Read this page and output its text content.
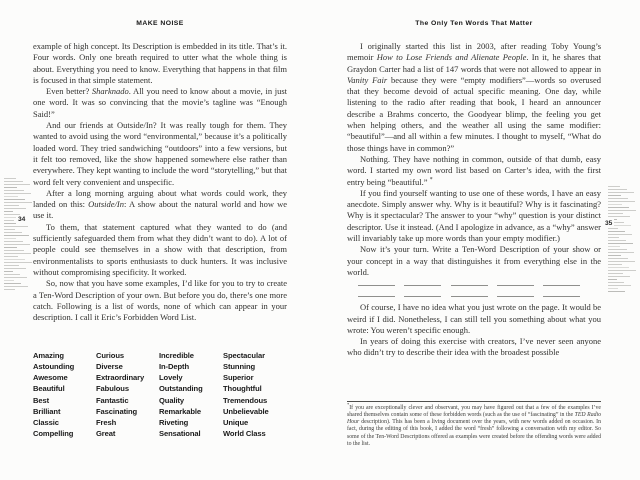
MAKE NOISE

example of high concept. Its Description is embedded in its title. That’s it. Four words. Only one breath required to utter what the whole thing is about. Everything you need to know. Everything that happens in that film is focused in that simple statement.

Even better? Sharknado. All you need to know about a movie, in just one word. It was so convincing that the movie’s tagline was “Enough Said!”

And our friends at Outside/In? It was really tough for them. They wanted to avoid using the word “environmental,” because it’s a politically loaded word. They tried sandwiching “outdoors” into a few versions, but it felt too removed, like the show happened somewhere else rather than everywhere. They kept wanting to include the word “storytelling,” but that word felt very convenient and unspecific.

After a long morning arguing about what words could work, they landed on this: Outside/In: A show about the natural world and how we use it.

To them, that statement captured what they wanted to do (and sufficiently safeguarded them from what they didn’t want to do). A lot of people could see themselves in a show with that description, from environmentalists to sports enthusiasts to duck hunters. It was inclusive without compromising specificity. It worked.

So, now that you have some examples, I’d like for you to try to create a Ten-Word Description of your own. But before you do, there’s one more catch. Following is a list of words, none of which can appear in your description. I call it Eric’s Forbidden Word List.

Amazing
Astounding
Awesome
Beautiful
Best
Brilliant
Classic
Compelling
Curious
Diverse
Extraordinary
Fabulous
Fantastic
Fascinating
Fresh
Great
Incredible
In-Depth
Lovely
Outstanding
Quality
Remarkable
Riveting
Sensational
Spectacular
Stunning
Superior
Thoughtful
Tremendous
Unbelievable
Unique
World Class
34
The Only Ten Words That Matter

I originally started this list in 2003, after reading Toby Young’s memoir How to Lose Friends and Alienate People. In it, he shares that Graydon Carter had a list of 147 words that were not allowed to appear in Vanity Fair because they were “empty modifiers”—words so overused that they become devoid of actual specific meaning. One day, while listening to the radio after reading that book, I heard an announcer describe a Brahms concerto, the Goodyear blimp, the feeling you get when helping others, and the weather all using the same modifier: “beautiful”—and all within a few minutes. I thought to myself, “What do those things have in common?”

Nothing. They have nothing in common, outside of that dumb, easy word. I started my own word list based on Carter’s idea, with the first entry being “beautiful.” *

If you find yourself wanting to use one of these words, I have an easy anecdote. Simply answer why. Why is it beautiful? Why is it fascinating? Why is it spectacular? The answer to your “why” question is your distinct descriptor. Use it instead. (And I apologize in advance, as a “why” answer will invariably take up more words than your empty modifier.)

Now it’s your turn. Write a Ten-Word Description of your show or your concept in a way that distinguishes it from everything else in the world.

Of course, I have no idea what you just wrote on the page. It would be weird if I did. Nonetheless, I can still tell you something about what you wrote: You weren’t specific enough.

In years of doing this exercise with creators, I’ve never seen anyone who didn’t try to describe their idea with the broadest possible

*If you are exceptionally clever and observant, you may have figured out that a few of the examples I’ve shared themselves contain some of these forbidden words (such as the use of “fascinating” in the TED Radio Hour description). This has been a living document over the years, with new words added on occasion. In fact, during the editing of this book, I added the word “fresh” following a conversation with my editor. So some of the Ten-Word Descriptions offered as examples were created before the offending words were added to the list.
35
